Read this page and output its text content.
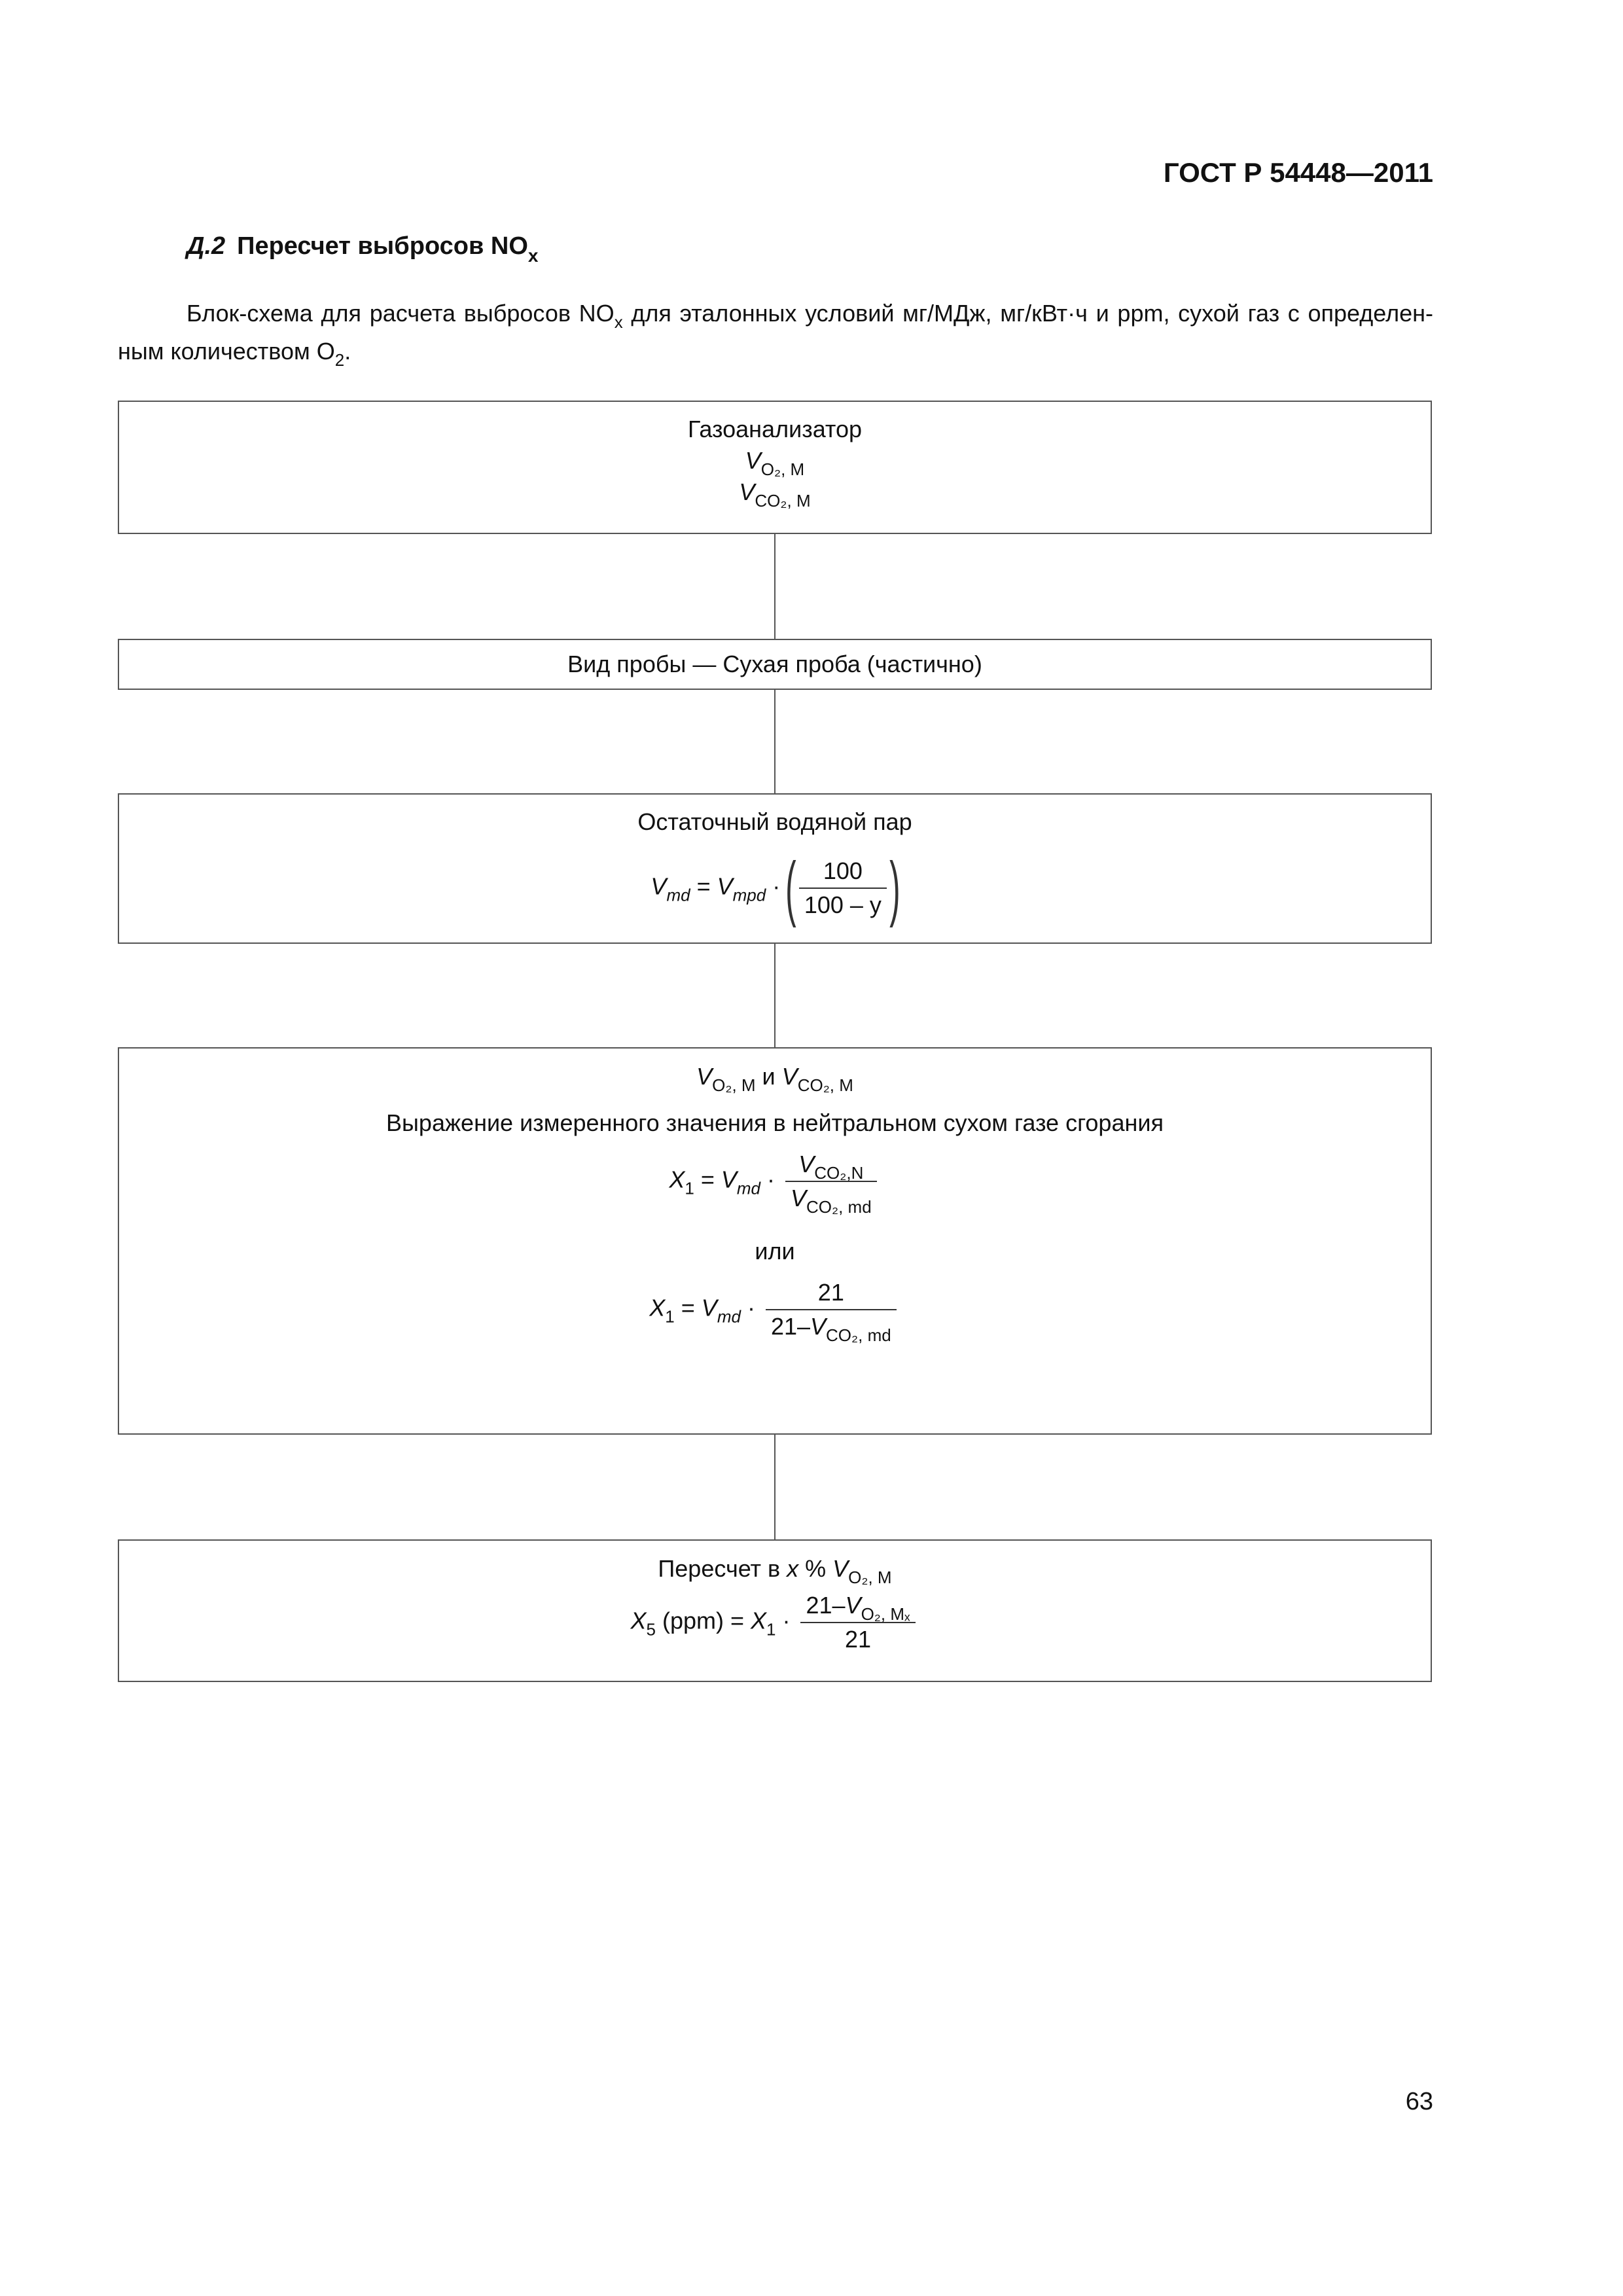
ГОСТ Р 54448—2011
Д.2 Пересчет выбросов $NO_x$
Блок-схема для расчета выбросов $NO_x$ для эталонных условий мг/МДж, мг/кВт·ч и ppm, сухой газ с определен-
ным количеством $O_2$.
Газоанализатор
$V_{O_2, M}$
$V_{CO_2, M}$
Вид пробы — Сухая проба (частично)
Остаточный водяной пар
$V_{md} = V_{mpd}$ · ( $\frac{100}{100 - y}$ )
$V_{O_2, M}$ и $V_{CO_2, M}$
Выражение измеренного значения в нейтральном сухом газе сгорания
$X_1 = V_{md} \cdot \frac{V_{CO_2,N}}{V_{CO_2, md}}$
или
$X_1 = V_{md} \cdot \frac{21}{21-V_{CO_2, md}}$
Пересчет в x % $V_{O_2, M}$
$X_5$ $(ppm) = X_1 \cdot \frac{21-V_{O_2, M_x}}{21}$
63
